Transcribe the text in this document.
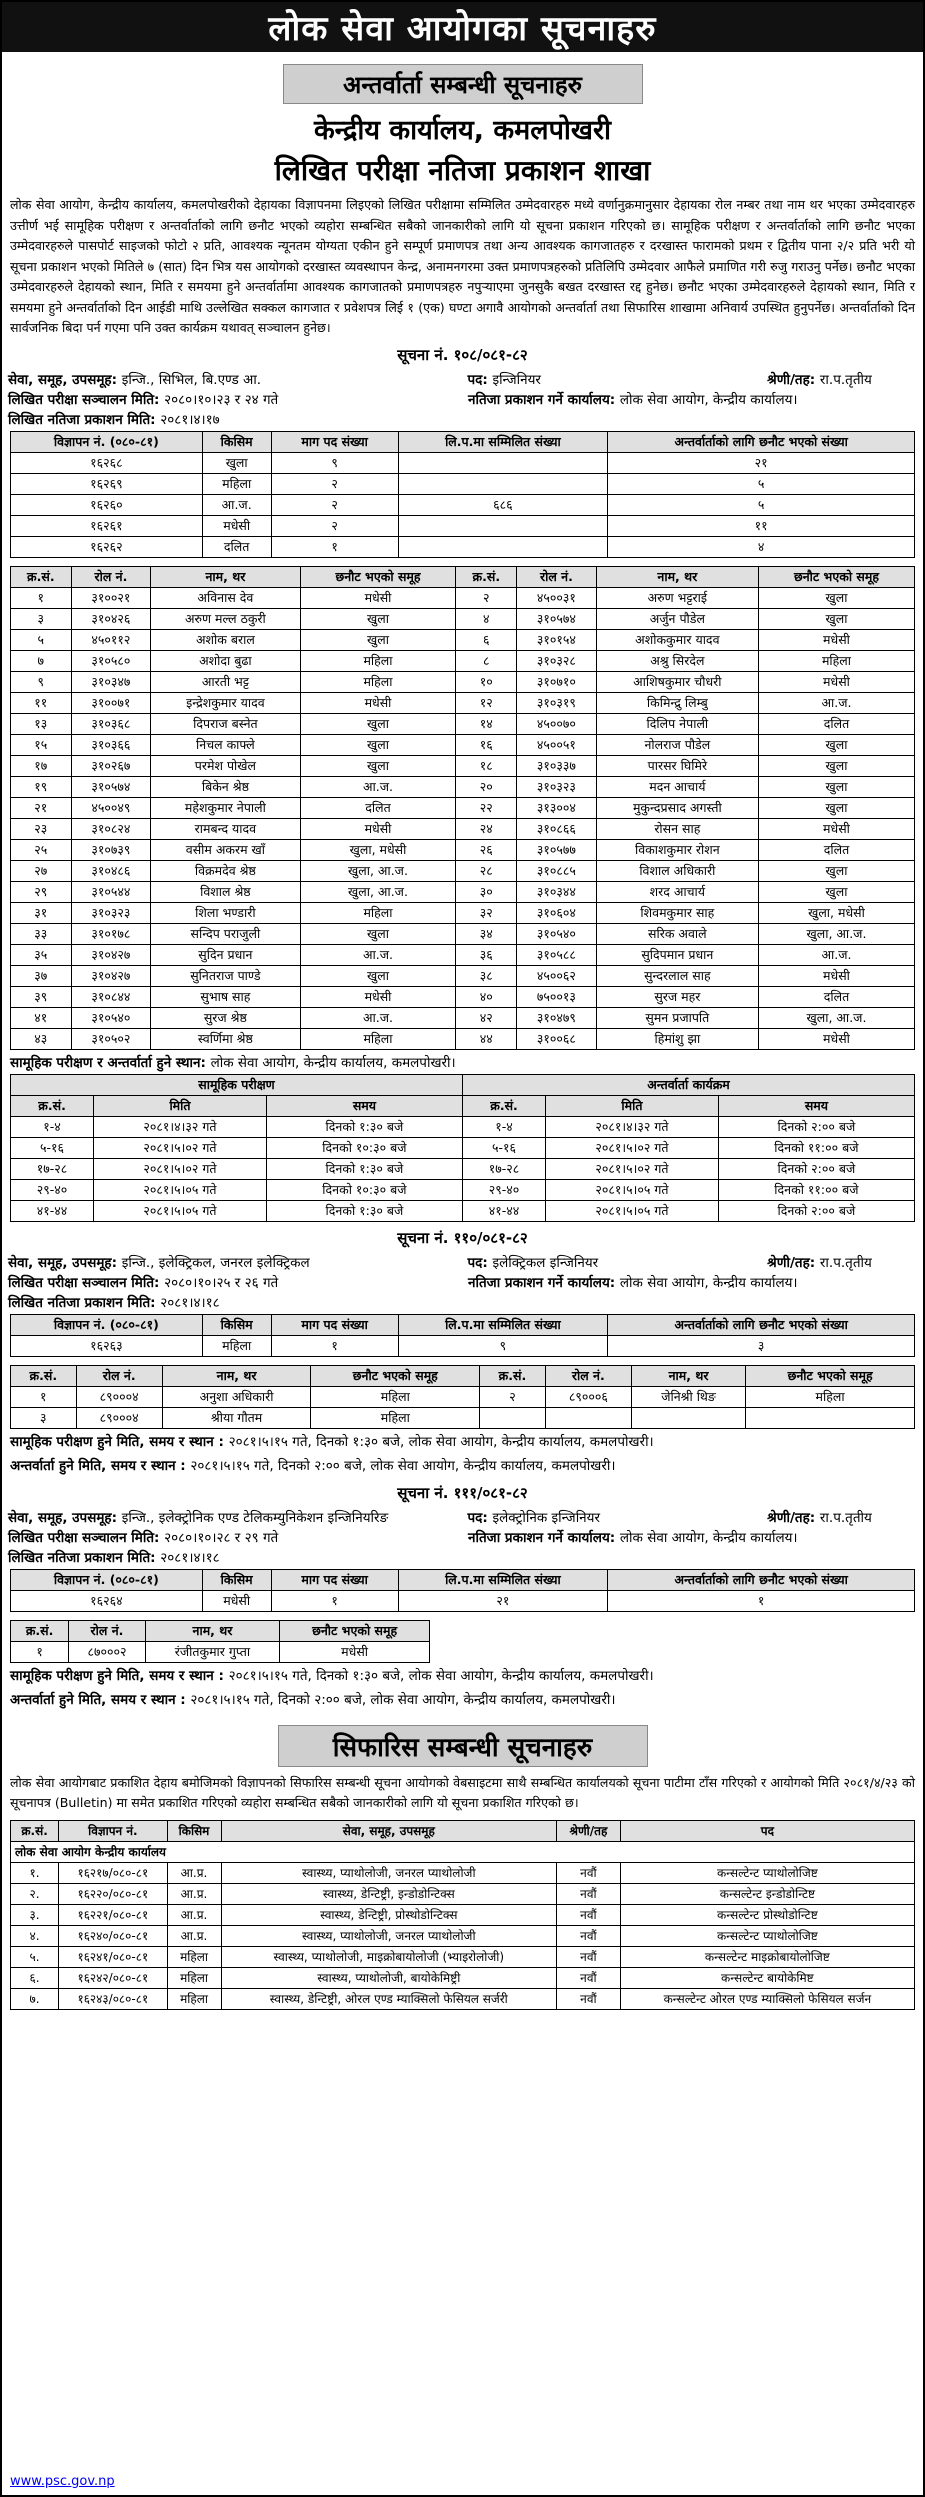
लोक सेवा आयोगका सूचनाहरु
अन्तर्वार्ता सम्बन्धी सूचनाहरु
केन्द्रीय कार्यालय, कमलपोखरी
लिखित परीक्षा नतिजा प्रकाशन शाखा

लोक सेवा आयोग, केन्द्रीय कार्यालय, कमलपोखरीको देहायका विज्ञापनमा लिइएको लिखित परीक्षामा सम्मिलित उम्मेदवारहरु मध्ये वर्णानुक्रमानुसार देहायका रोल नम्बर तथा नाम थर भएका उम्मेदवारहरु उत्तीर्ण भई सामूहिक परीक्षण र अन्तर्वार्ताको लागि छनौट भएको व्यहोरा सम्बन्धित सबैको जानकारीको लागि यो सूचना प्रकाशन गरिएको छ। सामूहिक परीक्षण र अन्तर्वार्ताको लागि छनौट भएका उम्मेदवारहरुले पासपोर्ट साइजको फोटो २ प्रति, आवश्यक न्यूनतम योग्यता एकीन हुने सम्पूर्ण प्रमाणपत्र तथा अन्य आवश्यक कागजातहरु र दरखास्त फारामको प्रथम र द्वितीय पाना २/२ प्रति भरी यो सूचना प्रकाशन भएको मितिले ७ (सात) दिन भित्र यस आयोगको दरखास्त व्यवस्थापन केन्द्र, अनामनगरमा उक्त प्रमाणपत्रहरुको प्रतिलिपि उम्मेदवार आफैले प्रमाणित गरी रुजु गराउनु पर्नेछ। छनौट भएका उम्मेदवारहरुले देहायको स्थान, मिति र समयमा हुने अन्तर्वार्तामा आवश्यक कागजातको प्रमाणपत्रहरु नपुऱ्याएमा जुनसुकै बखत दरखास्त रद्द हुनेछ। छनौट भएका उम्मेदवारहरुले देहायको स्थान, मिति र समयमा हुने अन्तर्वार्ताको दिन आईडी माथि उल्लेखित सक्कल कागजात र प्रवेशपत्र लिई १ (एक) घण्टा अगावै आयोगको अन्तर्वार्ता तथा सिफारिस शाखामा अनिवार्य उपस्थित हुनुपर्नेछ। अन्तर्वार्ताको दिन सार्वजनिक बिदा पर्न गएमा पनि उक्त कार्यक्रम यथावत् सञ्चालन हुनेछ।

सूचना नं. १०८/०८१-८२
सेवा, समूह, उपसमूह: इन्जि., सिभिल, बि.एण्ड आ.	पद: इन्जिनियर	श्रेणी/तह: रा.प.तृतीय
लिखित परीक्षा सञ्चालन मिति: २०८०।१०।२३ र २४ गते	नतिजा प्रकाशन गर्ने कार्यालय: लोक सेवा आयोग, केन्द्रीय कार्यालय।
लिखित नतिजा प्रकाशन मिति: २०८१।४।१७
विज्ञापन नं. (०८०-८१)	किसिम	माग पद संख्या	लि.प.मा सम्मिलित संख्या	अन्तर्वार्ताको लागि छनौट भएको संख्या
१६२६८	खुला	९		२१
१६२६९	महिला	२		५
१६२६०	आ.ज.	२	६८६	५
१६२६१	मधेसी	२		११
१६२६२	दलित	१		४
क्र.सं.	रोल नं.	नाम, थर	छनौट भएको समूह	क्र.सं.	रोल नं.	नाम, थर	छनौट भएको समूह
१	३१००२१	अविनास देव	मधेसी	२	४५००३१	अरुण भट्टराई	खुला
३	३१०४२६	अरुण मल्ल ठकुरी	खुला	४	३१०५७४	अर्जुन पौडेल	खुला
५	४५०११२	अशोक बराल	खुला	६	३१०१५४	अशोककुमार यादव	मधेसी
७	३१०५८०	अशोदा बुढा	महिला	८	३१०३२८	अश्रु सिरदेल	महिला
९	३१०३४७	आरती भट्ट	महिला	१०	३१०७१०	आशिषकुमार चौधरी	मधेसी
११	३१००७१	इन्द्रेशकुमार यादव	मधेसी	१२	३१०३१९	किमिन्द्रु लिम्बु	आ.ज.
१३	३१०३६८	दिपराज बस्नेत	खुला	१४	४५००७०	दिलिप नेपाली	दलित
१५	३१०३६६	निचल काफ्ले	खुला	१६	४५००५१	नोलराज पौडेल	खुला
१७	३१०२६७	परमेश पोखेल	खुला	१८	३१०३३७	पारसर घिमिरे	खुला
१९	३१०५७४	बिकेन श्रेष्ठ	आ.ज.	२०	३१०३२३	मदन आचार्य	खुला
२१	४५००४९	महेशकुमार नेपाली	दलित	२२	३१३००४	मुकुन्दप्रसाद अगस्ती	खुला
२३	३१०८२४	रामबन्द यादव	मधेसी	२४	३१०८६६	रोसन साह	मधेसी
२५	३१०७३९	वसीम अकरम खाँ	खुला, मधेसी	२६	३१०५७७	विकाशकुमार रोशन	दलित
२७	३१०४८६	विक्रमदेव श्रेष्ठ	खुला, आ.ज.	२८	३१०८८५	विशाल अधिकारी	खुला
२९	३१०५४४	विशाल श्रेष्ठ	खुला, आ.ज.	३०	३१०३४४	शरद आचार्य	खुला
३१	३१०३२३	शिला भण्डारी	महिला	३२	३१०६०४	शिवमकुमार साह	खुला, मधेसी
३३	३१०१७८	सन्दिप पराजुली	खुला	३४	३१०५४०	सरिक अवाले	खुला, आ.ज.
३५	३१०४२७	सुदिन प्रधान	आ.ज.	३६	३१०५८८	सुदिपमान प्रधान	आ.ज.
३७	३१०४२७	सुनितराज पाण्डे	खुला	३८	४५००६२	सुन्दरलाल साह	मधेसी
३९	३१०८४४	सुभाष साह	मधेसी	४०	७५००१३	सुरज महर	दलित
४१	३१०५४०	सुरज श्रेष्ठ	आ.ज.	४२	३१०४७९	सुमन प्रजापति	खुला, आ.ज.
४३	३१०५०२	स्वर्णिमा श्रेष्ठ	महिला	४४	३१००६८	हिमांशु झा	मधेसी
सामूहिक परीक्षण र अन्तर्वार्ता हुने स्थान: लोक सेवा आयोग, केन्द्रीय कार्यालय, कमलपोखरी।
सामूहिक परीक्षण			अन्तर्वार्ता कार्यक्रम		
क्र.सं.	मिति	समय	क्र.सं.	मिति	समय
१-४	२०८१।४।३२ गते	दिनको १:३० बजे	१-४	२०८१।४।३२ गते	दिनको २:०० बजे
५-१६	२०८१।५।०२ गते	दिनको १०:३० बजे	५-१६	२०८१।५।०२ गते	दिनको ११:०० बजे
१७-२८	२०८१।५।०२ गते	दिनको १:३० बजे	१७-२८	२०८१।५।०२ गते	दिनको २:०० बजे
२९-४०	२०८१।५।०५ गते	दिनको १०:३० बजे	२९-४०	२०८१।५।०५ गते	दिनको ११:०० बजे
४१-४४	२०८१।५।०५ गते	दिनको १:३० बजे	४१-४४	२०८१।५।०५ गते	दिनको २:०० बजे
सूचना नं. ११०/०८१-८२
सेवा, समूह, उपसमूह: इन्जि., इलेक्ट्रिकल, जनरल इलेक्ट्रिकल	पद: इलेक्ट्रिकल इन्जिनियर	श्रेणी/तह: रा.प.तृतीय
लिखित परीक्षा सञ्चालन मिति: २०८०।१०।२५ र २६ गते	नतिजा प्रकाशन गर्ने कार्यालय: लोक सेवा आयोग, केन्द्रीय कार्यालय।
लिखित नतिजा प्रकाशन मिति: २०८१।४।१८
विज्ञापन नं. (०८०-८१)	किसिम	माग पद संख्या	लि.प.मा सम्मिलित संख्या	अन्तर्वार्ताको लागि छनौट भएको संख्या
१६२६३	महिला	१	९	३
क्र.सं.	रोल नं.	नाम, थर	छनौट भएको समूह	क्र.सं.	रोल नं.	नाम, थर	छनौट भएको समूह
१	८९०००४	अनुशा अधिकारी	महिला	२	८९०००६	जेनिश्री थिङ	महिला
३	८९०००४	श्रीया गौतम	महिला				
सामूहिक परीक्षण हुने मिति, समय र स्थान : २०८१।५।१५ गते, दिनको १:३० बजे, लोक सेवा आयोग, केन्द्रीय कार्यालय, कमलपोखरी।
अन्तर्वार्ता हुने मिति, समय र स्थान : २०८१।५।१५ गते, दिनको २:०० बजे, लोक सेवा आयोग, केन्द्रीय कार्यालय, कमलपोखरी।
सूचना नं. १११/०८१-८२
सेवा, समूह, उपसमूह: इन्जि., इलेक्ट्रोनिक एण्ड टेलिकम्युनिकेशन इन्जिनियरिङ	पद: इलेक्ट्रोनिक इन्जिनियर	श्रेणी/तह: रा.प.तृतीय
लिखित परीक्षा सञ्चालन मिति: २०८०।१०।२८ र २९ गते	नतिजा प्रकाशन गर्ने कार्यालय: लोक सेवा आयोग, केन्द्रीय कार्यालय।
लिखित नतिजा प्रकाशन मिति: २०८१।४।१८
विज्ञापन नं. (०८०-८१)	किसिम	माग पद संख्या	लि.प.मा सम्मिलित संख्या	अन्तर्वार्ताको लागि छनौट भएको संख्या
१६२६४	मधेसी	१	२१	१
क्र.सं.	रोल नं.	नाम, थर	छनौट भएको समूह
१	८७०००२	रंजीतकुमार गुप्ता	मधेसी
सामूहिक परीक्षण हुने मिति, समय र स्थान : २०८१।५।१५ गते, दिनको १:३० बजे, लोक सेवा आयोग, केन्द्रीय कार्यालय, कमलपोखरी।
अन्तर्वार्ता हुने मिति, समय र स्थान : २०८१।५।१५ गते, दिनको २:०० बजे, लोक सेवा आयोग, केन्द्रीय कार्यालय, कमलपोखरी।
सिफारिस सम्बन्धी सूचनाहरु

लोक सेवा आयोगबाट प्रकाशित देहाय बमोजिमको विज्ञापनको सिफारिस सम्बन्धी सूचना आयोगको वेबसाइटमा साथै सम्बन्धित कार्यालयको सूचना पाटीमा टाँस गरिएको र आयोगको मिति २०८१/४/२३ को सूचनापत्र (Bulletin) मा समेत प्रकाशित गरिएको व्यहोरा सम्बन्धित सबैको जानकारीको लागि यो सूचना प्रकाशित गरिएको छ।

क्र.सं.	विज्ञापन नं.	किसिम	सेवा, समूह, उपसमूह	श्रेणी/तह	पद
लोक सेवा आयोग केन्द्रीय कार्यालय					
१.	१६२१७/०८०-८१	आ.प्र.	स्वास्थ्य, प्याथोलोजी, जनरल प्याथोलोजी	नवौं	कन्सल्टेन्ट प्याथोलोजिष्ट
२.	१६२२०/०८०-८१	आ.प्र.	स्वास्थ्य, डेन्टिष्ट्री, इन्डोडोन्टिक्स	नवौं	कन्सल्टेन्ट इन्डोडोन्टिष्ट
३.	१६२२१/०८०-८१	आ.प्र.	स्वास्थ्य, डेन्टिष्ट्री, प्रोस्थोडोन्टिक्स	नवौं	कन्सल्टेन्ट प्रोस्थोडोन्टिष्ट
४.	१६२४०/०८०-८१	आ.प्र.	स्वास्थ्य, प्याथोलोजी, जनरल प्याथोलोजी	नवौं	कन्सल्टेन्ट प्याथोलोजिष्ट
५.	१६२४१/०८०-८१	महिला	स्वास्थ्य, प्याथोलोजी, माइक्रोबायोलोजी (भ्याइरोलोजी)	नवौं	कन्सल्टेन्ट माइक्रोबायोलोजिष्ट
६.	१६२४२/०८०-८१	महिला	स्वास्थ्य, प्याथोलोजी, बायोकेमिष्ट्री	नवौं	कन्सल्टेन्ट बायोकेमिष्ट
७.	१६२४३/०८०-८१	महिला	स्वास्थ्य, डेन्टिष्ट्री, ओरल एण्ड म्याक्सिलो फेसियल सर्जरी	नवौं	कन्सल्टेन्ट ओरल एण्ड म्याक्सिलो फेसियल सर्जन
www.psc.gov.np
